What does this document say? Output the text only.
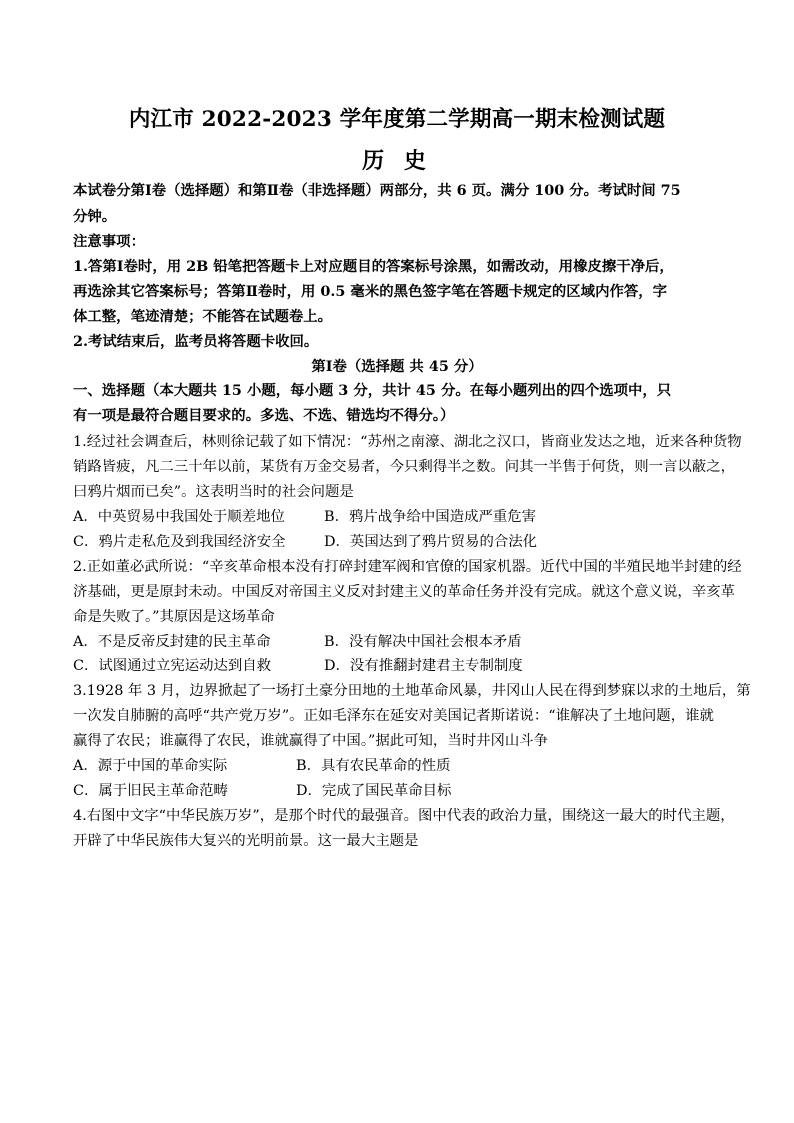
内江市 2022-2023 学年度第二学期高一期末检测试题
历 史
本试卷分第Ⅰ卷（选择题）和第Ⅱ卷（非选择题）两部分，共 6 页。满分 100 分。考试时间 75
分钟。
注意事项：
1.答第Ⅰ卷时，用 2B 铅笔把答题卡上对应题目的答案标号涂黑，如需改动，用橡皮擦干净后，
再选涂其它答案标号；答第Ⅱ卷时，用 0.5 毫米的黑色签字笔在答题卡规定的区域内作答，字
体工整，笔迹清楚；不能答在试题卷上。
2.考试结束后，监考员将答题卡收回。
第Ⅰ卷（选择题 共 45 分）
一、选择题（本大题共 15 小题，每小题 3 分，共计 45 分。在每小题列出的四个选项中，只
有一项是最符合题目要求的。多选、不选、错选均不得分。）
1.经过社会调查后，林则徐记载了如下情况：“苏州之南濠、湖北之汉口，皆商业发达之地，近来各种货物
销路皆疲，凡二三十年以前，某货有万金交易者，今只剩得半之数。问其一半售于何货，则一言以蔽之，
曰鸦片烟而已矣”。这表明当时的社会问题是
A．中英贸易中我国处于顺差地位	B．鸦片战争给中国造成严重危害
C．鸦片走私危及到我国经济安全	D．英国达到了鸦片贸易的合法化
2.正如董必武所说：“辛亥革命根本没有打碎封建军阀和官僚的国家机器。近代中国的半殖民地半封建的经
济基础，更是原封未动。中国反对帝国主义反对封建主义的革命任务并没有完成。就这个意义说，辛亥革
命是失败了。”其原因是这场革命
A．不是反帝反封建的民主革命	B．没有解决中国社会根本矛盾
C．试图通过立宪运动达到自救	D．没有推翻封建君主专制制度
3.1928 年 3 月，边界掀起了一场打土豪分田地的土地革命风暴，井冈山人民在得到梦寐以求的土地后，第
一次发自肺腑的高呼“共产党万岁”。正如毛泽东在延安对美国记者斯诺说：“谁解决了土地问题，谁就
赢得了农民；谁赢得了农民，谁就赢得了中国。”据此可知，当时井冈山斗争
A．源于中国的革命实际	B．具有农民革命的性质
C．属于旧民主革命范畴	D．完成了国民革命目标
4.右图中文字“中华民族万岁”，是那个时代的最强音。图中代表的政治力量，围绕这一最大的时代主题，
开辟了中华民族伟大复兴的光明前景。这一最大主题是
